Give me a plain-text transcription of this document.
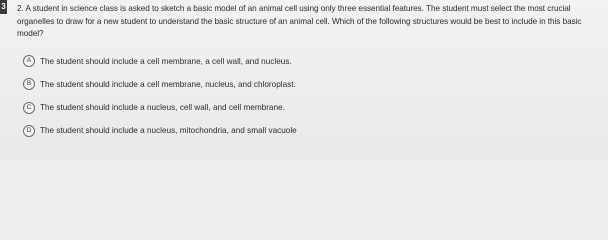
3 2. A student in science class is asked to sketch a basic model of an animal cell using only three essential features. The student must select the most crucial organelles to draw for a new student to understand the basic structure of an animal cell. Which of the following structures would be best to include in this basic model?
A	The student should include a cell membrane, a cell wall, and nucleus.
B	The student should include a cell membrane, nucleus, and chloroplast.
C	The student should include a nucleus, cell wall, and cell membrane.
D	The student should include a nucleus, mitochondria, and small vacuole
